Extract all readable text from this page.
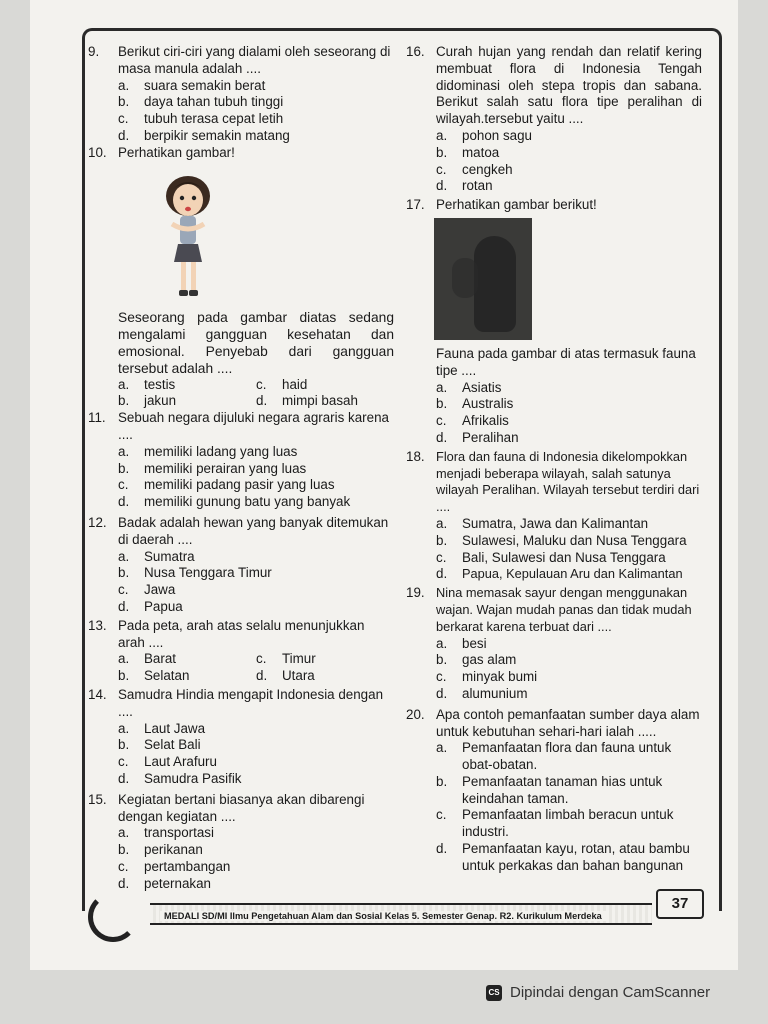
9.	Berikut ciri-ciri yang dialami oleh seseorang di masa manula adalah ....
a.	suara semakin berat
b.	daya tahan tubuh tinggi
c.	tubuh terasa cepat letih
d.	berpikir semakin matang
10. Perhatikan gambar!
Seseorang pada gambar diatas sedang mengalami gangguan kesehatan dan emosional. Penyebab dari gangguan tersebut adalah ....
a.	testis	c.	haid
b.	jakun	d.	mimpi basah
11. Sebuah negara dijuluki negara agraris karena ....
a.	memiliki ladang yang luas
b.	memiliki perairan yang luas
c.	memiliki padang pasir yang luas
d.	memiliki gunung batu yang banyak
12. Badak adalah hewan yang banyak ditemukan di daerah ....
a.	Sumatra
b.	Nusa Tenggara Timur
c.	Jawa
d.	Papua
13. Pada peta, arah atas selalu menunjukkan arah ....
a.	Barat	c.	Timur
b.	Selatan	d.	Utara
14. Samudra Hindia mengapit Indonesia dengan ....
a.	Laut Jawa
b.	Selat Bali
c.	Laut Arafuru
d.	Samudra Pasifik
15. Kegiatan bertani biasanya akan dibarengi dengan kegiatan ....
a.	transportasi
b.	perikanan
c.	pertambangan
d.	peternakan
16. Curah hujan yang rendah dan relatif kering membuat flora di Indonesia Tengah didominasi oleh stepa tropis dan sabana. Berikut salah satu flora tipe peralihan di wilayah.tersebut yaitu ....
a.	pohon sagu
b.	matoa
c.	cengkeh
d.	rotan
17. Perhatikan gambar berikut!
Fauna pada gambar di atas termasuk fauna tipe ....
a.	Asiatis
b.	Australis
c.	Afrikalis
d.	Peralihan
18. Flora dan fauna di Indonesia dikelompokkan menjadi beberapa wilayah, salah satunya wilayah Peralihan. Wilayah tersebut terdiri dari ....
a.	Sumatra, Jawa dan Kalimantan
b.	Sulawesi, Maluku dan Nusa Tenggara
c.	Bali, Sulawesi dan Nusa Tenggara
d.	Papua, Kepulauan Aru dan Kalimantan
19. Nina memasak sayur dengan menggunakan wajan. Wajan mudah panas dan tidak mudah berkarat karena terbuat dari ....
a.	besi
b.	gas alam
c.	minyak bumi
d.	alumunium
20. Apa contoh pemanfaatan sumber daya alam untuk kebutuhan sehari-hari ialah .....
a.	Pemanfaatan flora dan fauna untuk obat-obatan.
b.	Pemanfaatan tanaman hias untuk keindahan taman.
c.	Pemanfaatan limbah beracun untuk industri.
d.	Pemanfaatan kayu, rotan, atau bambu untuk perkakas dan bahan bangunan
MEDALI SD/MI Ilmu Pengetahuan Alam dan Sosial Kelas 5. Semester Genap. R2. Kurikulum Merdeka
37
CS Dipindai dengan CamScanner
